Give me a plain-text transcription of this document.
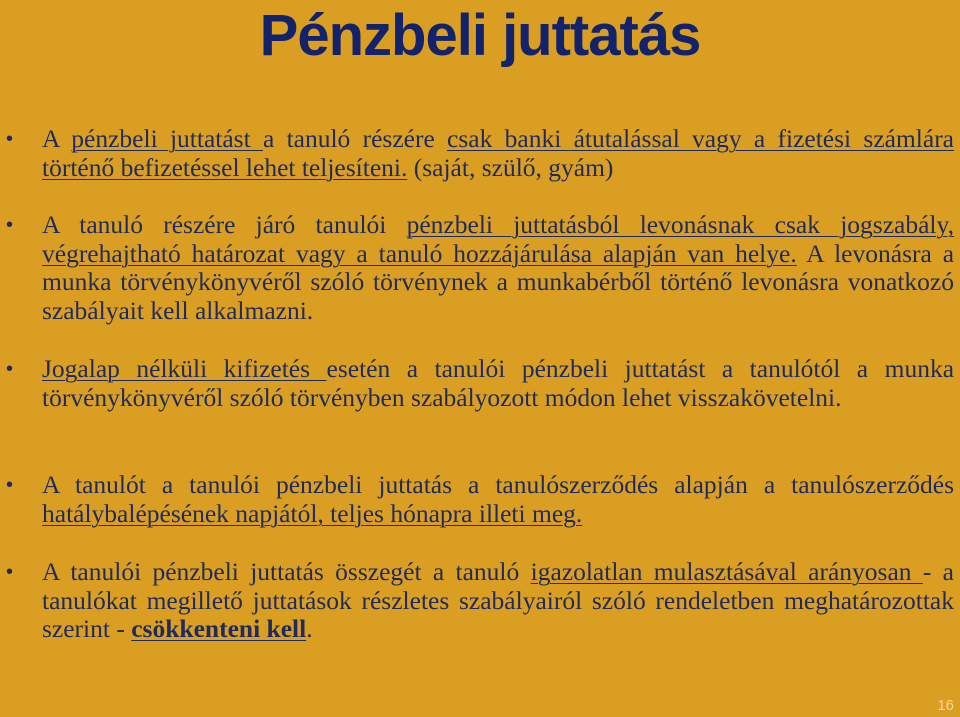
Pénzbeli juttatás
• A pénzbeli juttatást a tanuló részére csak banki átutalással vagy a fizetési számlára történő befizetéssel lehet teljesíteni. (saját, szülő, gyám)
• A tanuló részére járó tanulói pénzbeli juttatásból levonásnak csak jogszabály, végrehajtható határozat vagy a tanuló hozzájárulása alapján van helye. A levonásra a munka törvénykönyvéről szóló törvénynek a munkabérből történő levonásra vonatkozó szabályait kell alkalmazni.
• Jogalap nélküli kifizetés esetén a tanulói pénzbeli juttatást a tanulótól a munka törvénykönyvéről szóló törvényben szabályozott módon lehet visszakövetelni.
• A tanulót a tanulói pénzbeli juttatás a tanulószerződés alapján a tanulószerződés hatálybalépésének napjától, teljes hónapra illeti meg.
• A tanulói pénzbeli juttatás összegét a tanuló igazolatlan mulasztásával arányosan - a tanulókat megillető juttatások részletes szabályairól szóló rendeletben meghatározottak szerint - csökkenteni kell.
16
